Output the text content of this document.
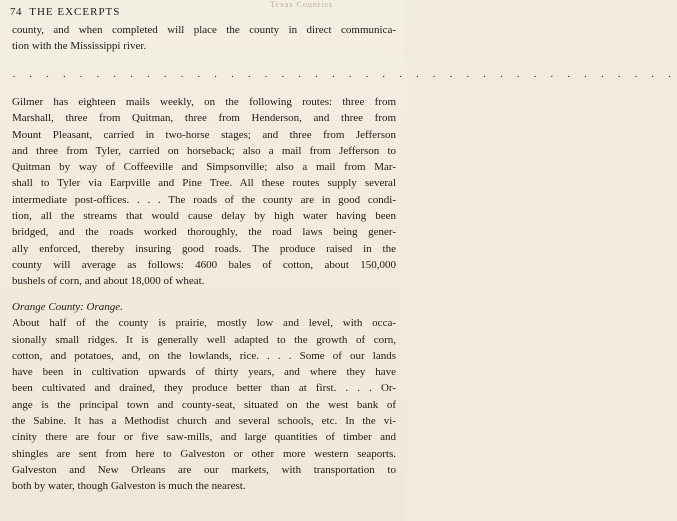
Texas Counties
74 THE EXCERPTS
county, and when completed will place the county in direct communica-
tion with the Mississippi river.
· · · · · · · · · · · · · · · · · · · · · · · · · · · · · · · · · · · · · · · ·
Gilmer has eighteen mails weekly, on the following routes: three from
Marshall, three from Quitman, three from Henderson, and three from
Mount Pleasant, carried in two-horse stages; and three from Jefferson
and three from Tyler, carried on horseback; also a mail from Jefferson to
Quitman by way of Coffeeville and Simpsonville; also a mail from Mar-
shall to Tyler via Earpville and Pine Tree. All these routes supply several
intermediate post-offices. . . . The roads of the county are in good condi-
tion, all the streams that would cause delay by high water having been
bridged, and the roads worked thoroughly, the road laws being gener-
ally enforced, thereby insuring good roads. The produce raised in the
county will average as follows: 4600 bales of cotton, about 150,000
bushels of corn, and about 18,000 of wheat.
Orange County: Orange.
About half of the county is prairie, mostly low and level, with occa-
sionally small ridges. It is generally well adapted to the growth of corn,
cotton, and potatoes, and, on the lowlands, rice. . . . Some of our lands
have been in cultivation upwards of thirty years, and where they have
been cultivated and drained, they produce better than at first. . . . Or-
ange is the principal town and county-seat, situated on the west bank of
the Sabine. It has a Methodist church and several schools, etc. In the vi-
cinity there are four or five saw-mills, and large quantities of timber and
shingles are sent from here to Galveston or other more western seaports.
Galveston and New Orleans are our markets, with transportation to
both by water, though Galveston is much the nearest.
